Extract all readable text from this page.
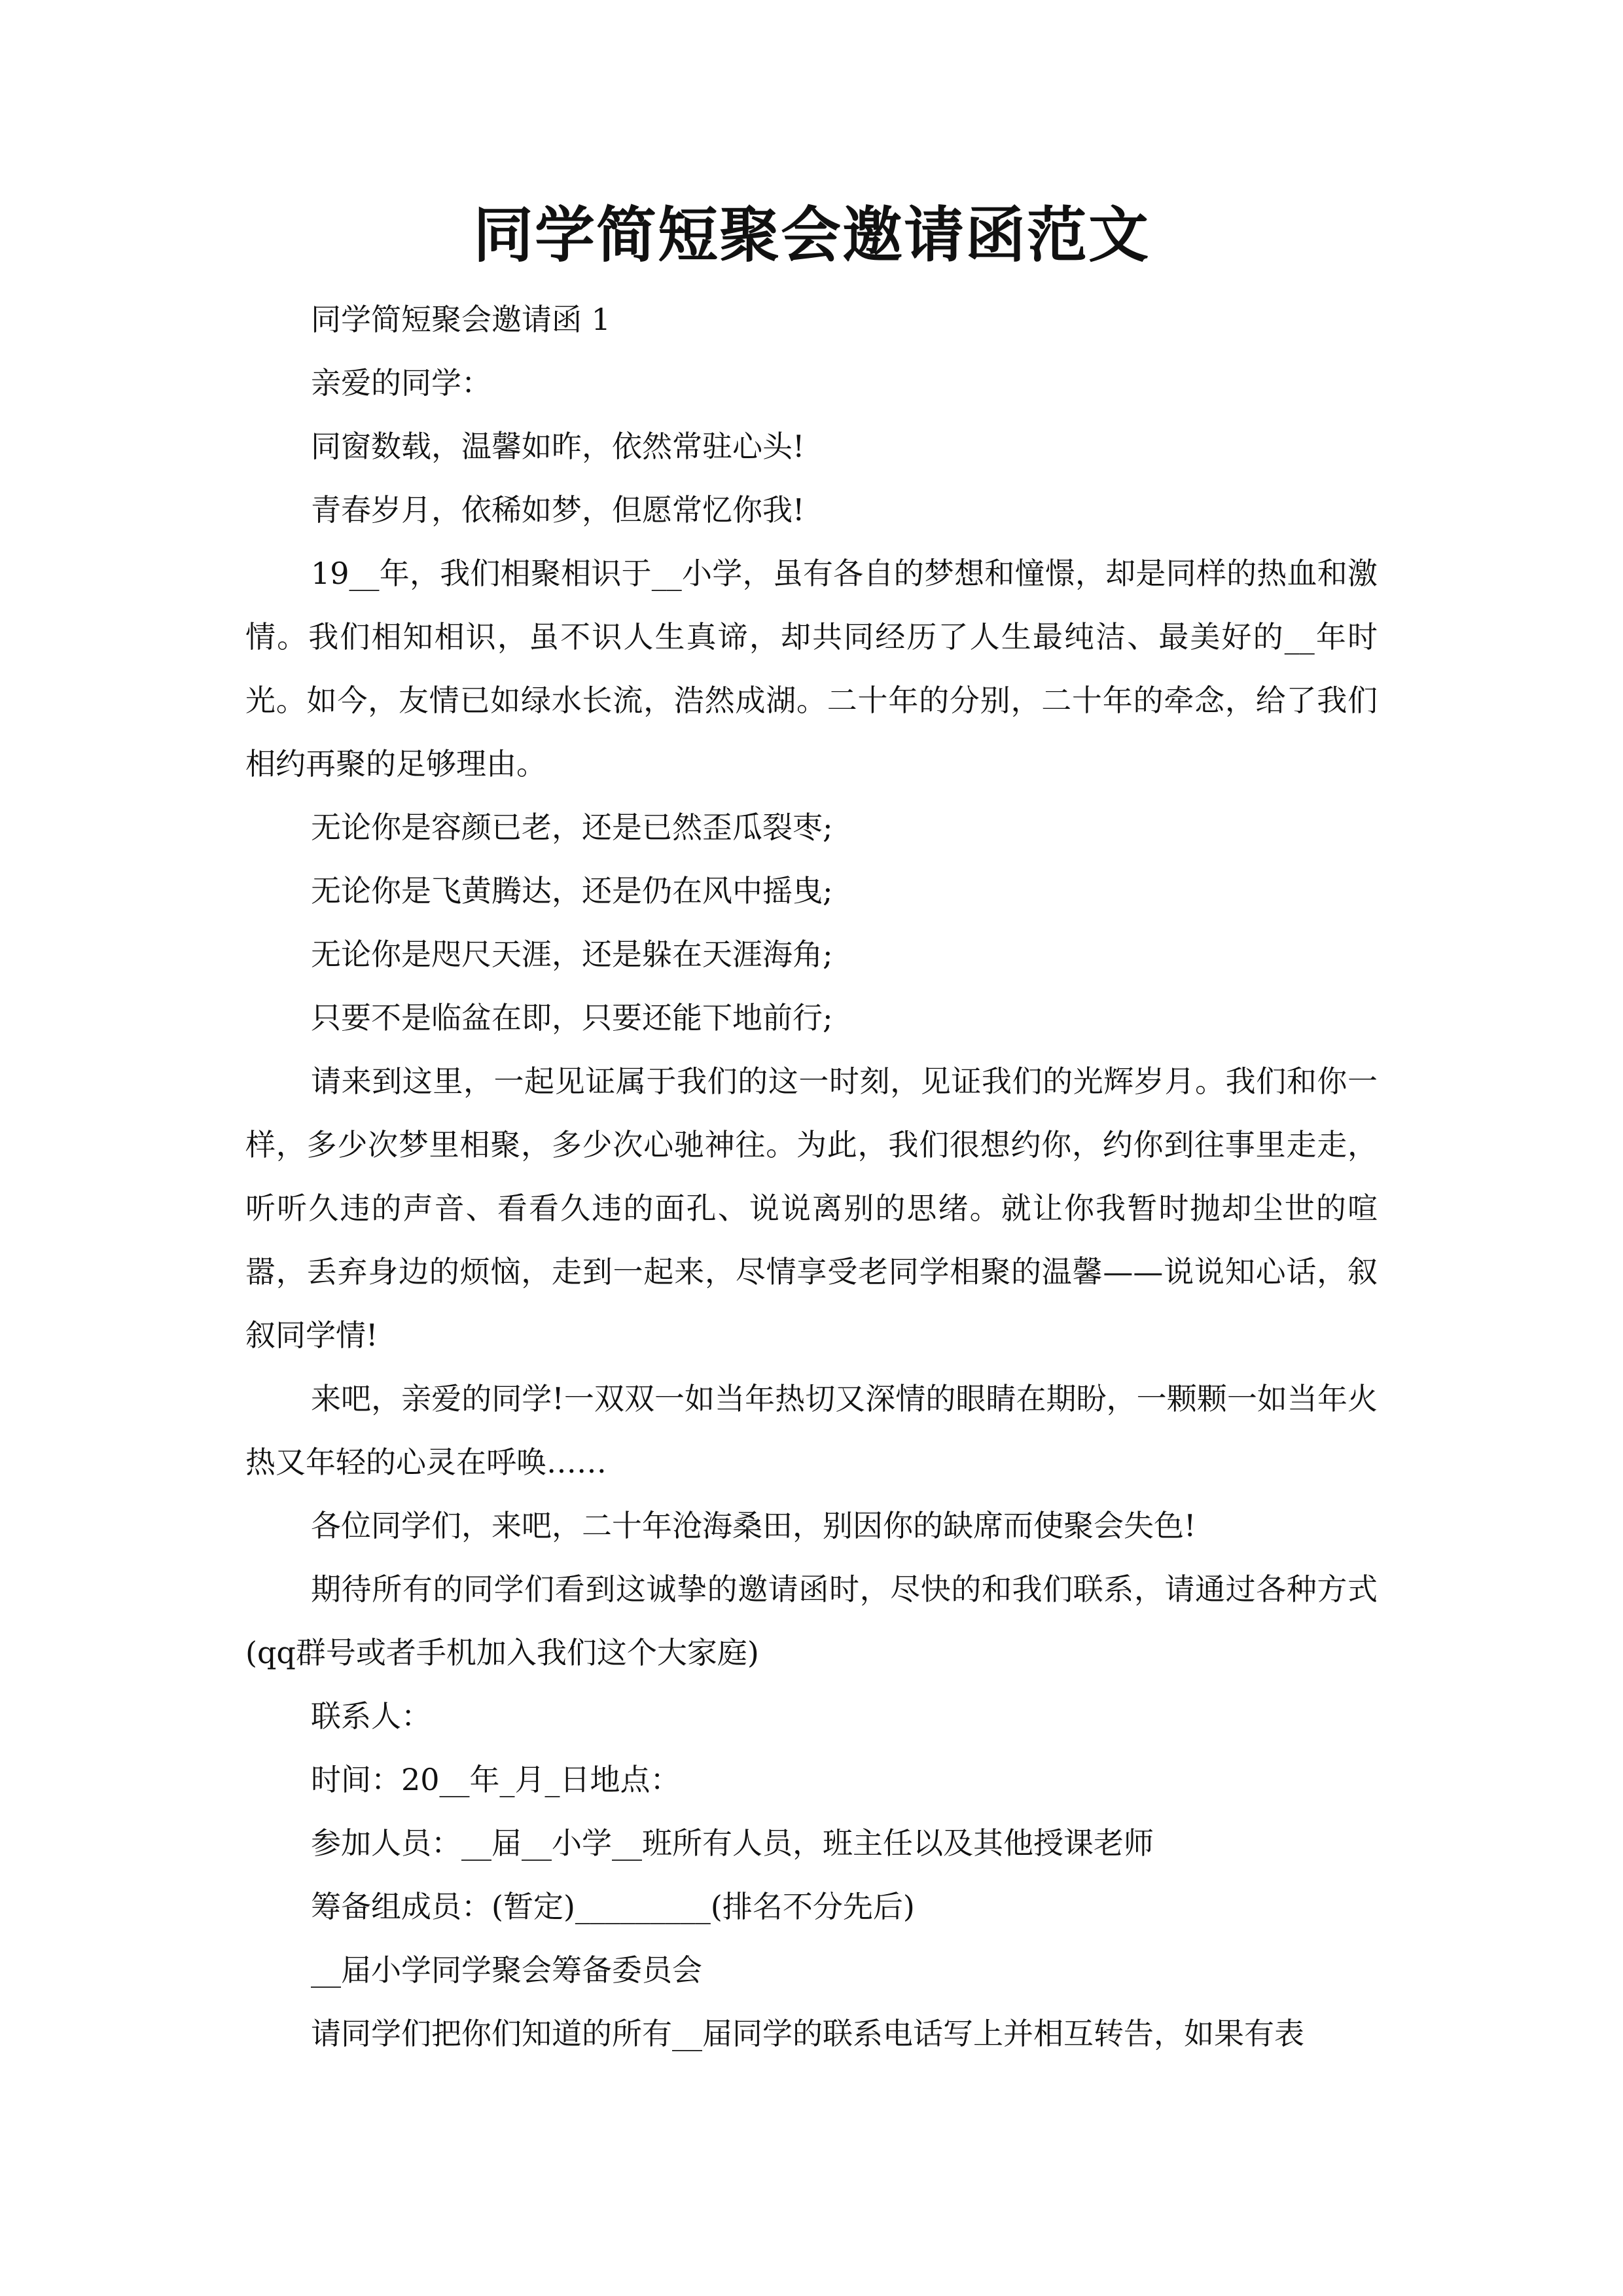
同学简短聚会邀请函范文

同学简短聚会邀请函 1

亲爱的同学：

同窗数载，温馨如昨，依然常驻心头!

青春岁月，依稀如梦，但愿常忆你我!

19__年，我们相聚相识于__小学，虽有各自的梦想和憧憬，却是同样的热血和激情。我们相知相识，虽不识人生真谛，却共同经历了人生最纯洁、最美好的__年时光。如今，友情已如绿水长流，浩然成湖。二十年的分别，二十年的牵念，给了我们相约再聚的足够理由。

无论你是容颜已老，还是已然歪瓜裂枣;

无论你是飞黄腾达，还是仍在风中摇曳;

无论你是咫尺天涯，还是躲在天涯海角;

只要不是临盆在即，只要还能下地前行;

请来到这里，一起见证属于我们的这一时刻，见证我们的光辉岁月。我们和你一样，多少次梦里相聚，多少次心驰神往。为此，我们很想约你，约你到往事里走走，听听久违的声音、看看久违的面孔、说说离别的思绪。就让你我暂时抛却尘世的喧嚣，丢弃身边的烦恼，走到一起来，尽情享受老同学相聚的温馨——说说知心话，叙叙同学情!

来吧，亲爱的同学!一双双一如当年热切又深情的眼睛在期盼，一颗颗一如当年火热又年轻的心灵在呼唤……

各位同学们，来吧，二十年沧海桑田，别因你的缺席而使聚会失色!

期待所有的同学们看到这诚挚的邀请函时，尽快的和我们联系，请通过各种方式(qq群号或者手机加入我们这个大家庭)

联系人：

时间：20__年_月_日地点：

参加人员：__届__小学__班所有人员，班主任以及其他授课老师

筹备组成员：(暂定)_________(排名不分先后)

__届小学同学聚会筹备委员会

请同学们把你们知道的所有__届同学的联系电话写上并相互转告，如果有表
